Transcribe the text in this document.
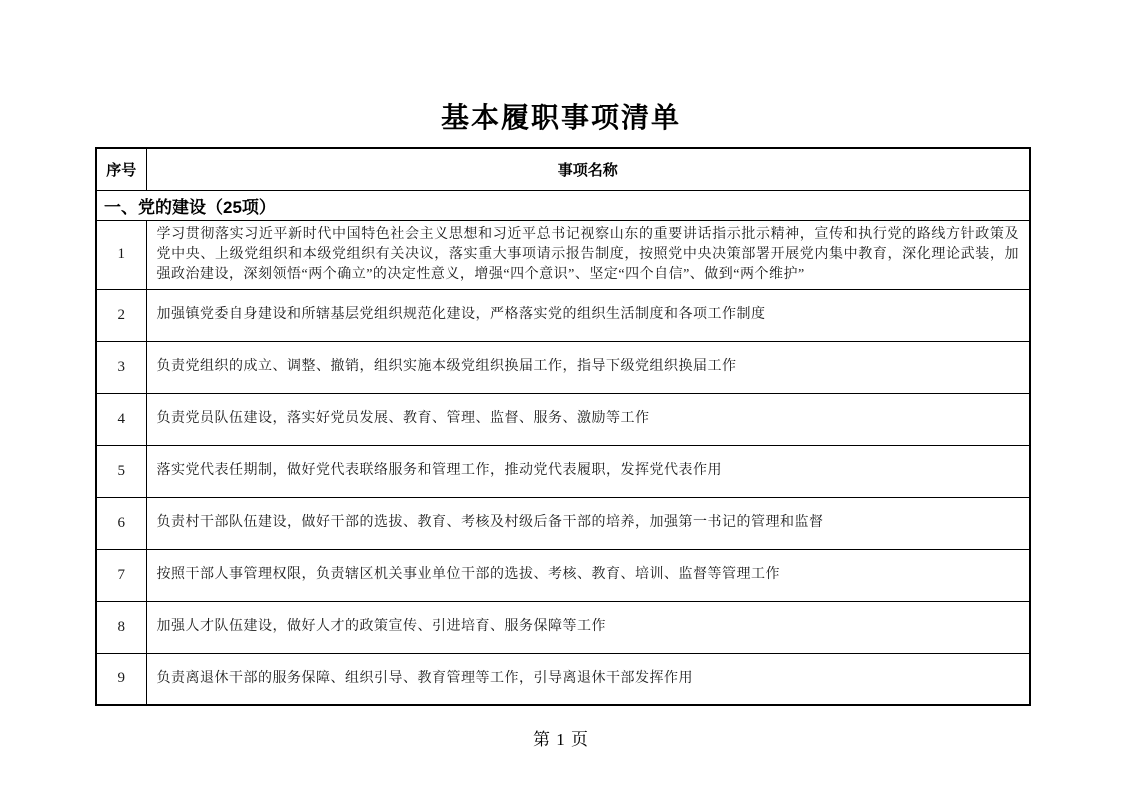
基本履职事项清单
序号	事项名称
一、党的建设（25项）	
1	学习贯彻落实习近平新时代中国特色社会主义思想和习近平总书记视察山东的重要讲话指示批示精神，宣传和执行党的路线方针政策及党中央、上级党组织和本级党组织有关决议，落实重大事项请示报告制度，按照党中央决策部署开展党内集中教育，深化理论武装，加强政治建设，深刻领悟“两个确立”的决定性意义，增强“四个意识”、坚定“四个自信”、做到“两个维护”
2	加强镇党委自身建设和所辖基层党组织规范化建设，严格落实党的组织生活制度和各项工作制度
3	负责党组织的成立、调整、撤销，组织实施本级党组织换届工作，指导下级党组织换届工作
4	负责党员队伍建设，落实好党员发展、教育、管理、监督、服务、激励等工作
5	落实党代表任期制，做好党代表联络服务和管理工作，推动党代表履职，发挥党代表作用
6	负责村干部队伍建设，做好干部的选拔、教育、考核及村级后备干部的培养，加强第一书记的管理和监督
7	按照干部人事管理权限，负责辖区机关事业单位干部的选拔、考核、教育、培训、监督等管理工作
8	加强人才队伍建设，做好人才的政策宣传、引进培育、服务保障等工作
9	负责离退休干部的服务保障、组织引导、教育管理等工作，引导离退休干部发挥作用
第 1 页
